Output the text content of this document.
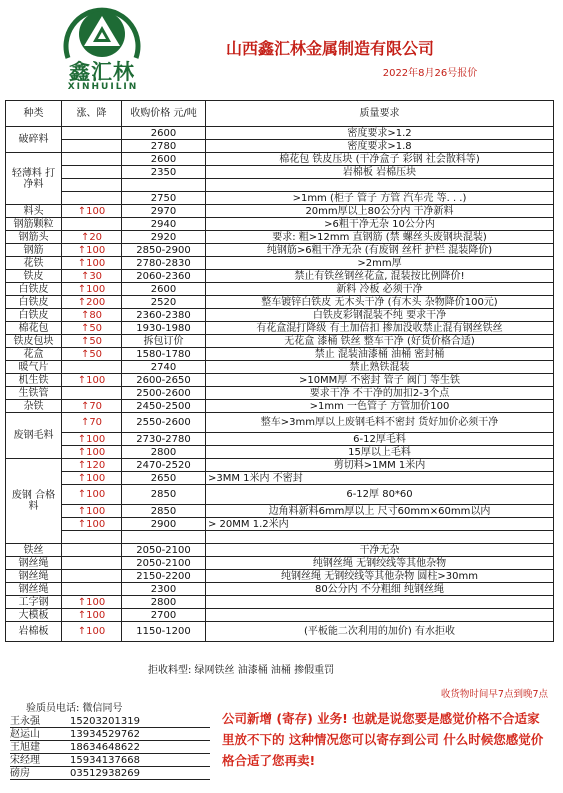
鑫汇林
XINHUILIN
山西鑫汇林金属制造有限公司
2022年8月26号报价
种类	涨、降	收购价格 元/吨	质量要求
破碎料		2600	密度要求>1.2
		2780	密度要求>1.8
轻薄料 打净料		2600	棉花包 铁皮压块 (干净盒子 彩钢 社会散料等)
		2350	岩棉板 岩棉压块

		2750	>1mm (柜子 管子 方管 汽车壳 等. . .)
料头	↑100	2970	20mm厚以上80公分内 干净新料
钢筋颗粒		2940	>6粗干净无杂 10公分内
钢筋头	↑20	2920	要求: 粗>12mm 直钢筋 (禁 螺丝头废钢块混装)
钢筋	↑100	2850-2900	纯钢筋>6粗干净无杂 (有废钢 丝杆 护栏 混装降价)
花铁	↑100	2780-2830	>2mm厚
铁皮	↑30	2060-2360	禁止有铁丝钢丝花盒, 混装按比例降价!
白铁皮	↑100	2600	新料 冷板 必须干净
白铁皮	↑200	2520	整车镀锌白铁皮 无木头干净 (有木头 杂物降价100元)
白铁皮	↑80	2360-2380	白铁皮彩钢混装不纯 要求干净
棉花包	↑50	1930-1980	有花盒混打降级 有土加倍扣 掺加没收禁止混有钢丝铁丝
铁皮包块	↑50	拆包订价	无花盒 漆桶 铁丝 整车干净 (好货价格合适)
花盒	↑50	1580-1780	禁止 混装油漆桶 油桶 密封桶
暖气片		2740	禁止熟铁混装
机生铁	↑100	2600-2650	>10MM厚 不密封 管子 阀门 等生铁
生铁管		2500-2600	要求干净 不干净的加扣2-3个点
杂铁	↑70	2450-2500	>1mm 一色管子 方管加价100
废钢毛料	↑70	2550-2600	整车>3mm厚以上废钢毛料不密封 货好加价必须干净
	↑100	2730-2780	6-12厚毛料
	↑100	2800	15厚以上毛料
废钢 合格料	↑120	2470-2520	剪切料>1MM 1米内
	↑100	2650	>3MM 1米内 不密封
	↑100	2850	6-12厚 80*60
	↑100	2850	边角料新料6mm厚以上 尺寸60mm×60mm以内
	↑100	2900	> 20MM 1.2米内

铁丝		2050-2100	干净无杂
钢丝绳		2050-2100	纯钢丝绳 无钢绞线等其他杂物
钢丝绳		2150-2200	纯钢丝绳 无钢绞线等其他杂物 圆柱>30mm
钢丝绳		2300	80公分内 不分粗细 纯钢丝绳
工字钢	↑100	2800	
大模板	↑100	2700	
岩棉板	↑100	1150-1200	(平板能二次利用的加价) 有水拒收
拒收料型: 绿网铁丝 油漆桶 油桶 掺假重罚
收货物时间早7点到晚7点
验质员电话: 微信同号
王永强	15203201319
赵运山	13934529762
王旭建	18634648622
宋经理	15934137668
磅房	03512938269
公司新增 (寄存) 业务! 也就是说您要是感觉价格不合适家里放不下的 这种情况您可以寄存到公司 什么时候您感觉价格合适了您再卖!
